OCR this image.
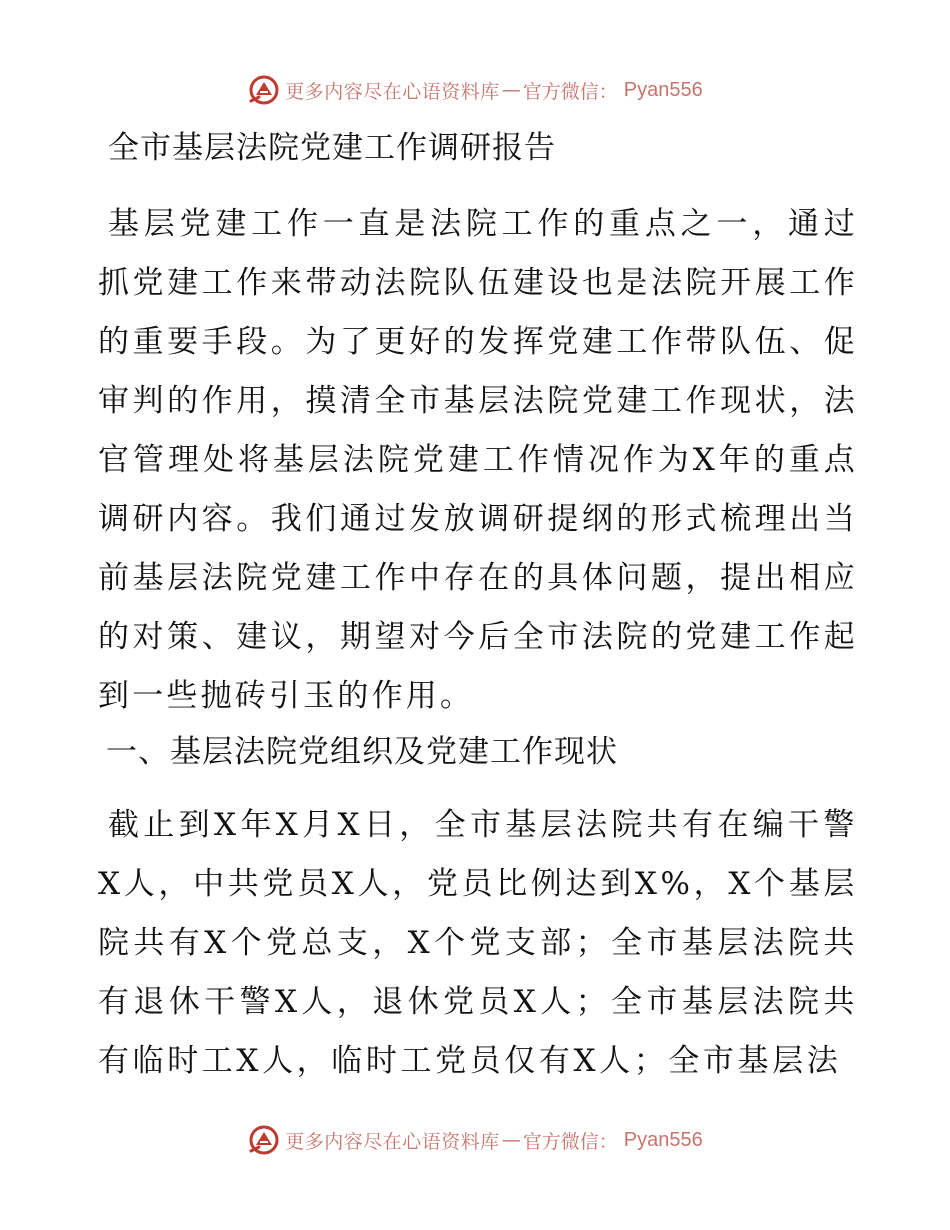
更多内容尽在心语资料库 — 官方微信： Pyan556
全市基层法院党建工作调研报告

基层党建工作一直是法院工作的重点之一，通过抓党建工作来带动法院队伍建设也是法院开展工作的重要手段。为了更好的发挥党建工作带队伍、促审判的作用，摸清全市基层法院党建工作现状，法官管理处将基层法院党建工作情况作为X年的重点调研内容。我们通过发放调研提纲的形式梳理出当前基层法院党建工作中存在的具体问题，提出相应的对策、建议，期望对今后全市法院的党建工作起到一些抛砖引玉的作用。

一、基层法院党组织及党建工作现状

截止到X年X月X日，全市基层法院共有在编干警X人，中共党员X人，党员比例达到X%，X个基层院共有X个党总支，X个党支部；全市基层法院共有退休干警X人，退休党员X人；全市基层法院共有临时工X人，临时工党员仅有X人；全市基层法

更多内容尽在心语资料库 — 官方微信： Pyan556
